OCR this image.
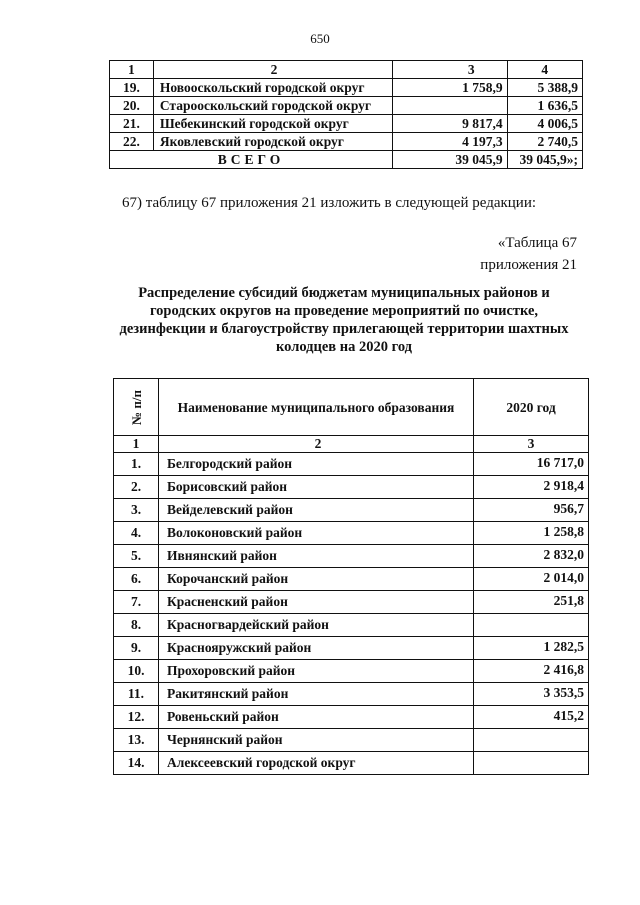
650
1	2	3	4
19.	Новооскольский городской округ	1 758,9	5 388,9
20.	Старооскольский городской округ		1 636,5
21.	Шебекинский городской округ	9 817,4	4 006,5
22.	Яковлевский городской округ	4 197,3	2 740,5
ВСЕГО		39 045,9	39 045,9»;
67) таблицу 67 приложения 21 изложить в следующей редакции:
«Таблица 67
приложения 21
Распределение субсидий бюджетам муниципальных районов и городских округов на проведение мероприятий по очистке, дезинфекции и благоустройству прилегающей территории шахтных колодцев на 2020 год
№ п/п	Наименование муниципального образования	2020 год
1	2	3
1.	Белгородский район	16 717,0
2.	Борисовский район	2 918,4
3.	Вейделевский район	956,7
4.	Волоконовский район	1 258,8
5.	Ивнянский район	2 832,0
6.	Корочанский район	2 014,0
7.	Красненский район	251,8
8.	Красногвардейский район	
9.	Краснояружский район	1 282,5
10.	Прохоровский район	2 416,8
11.	Ракитянский район	3 353,5
12.	Ровеньский район	415,2
13.	Чернянский район	
14.	Алексеевский городской округ	
